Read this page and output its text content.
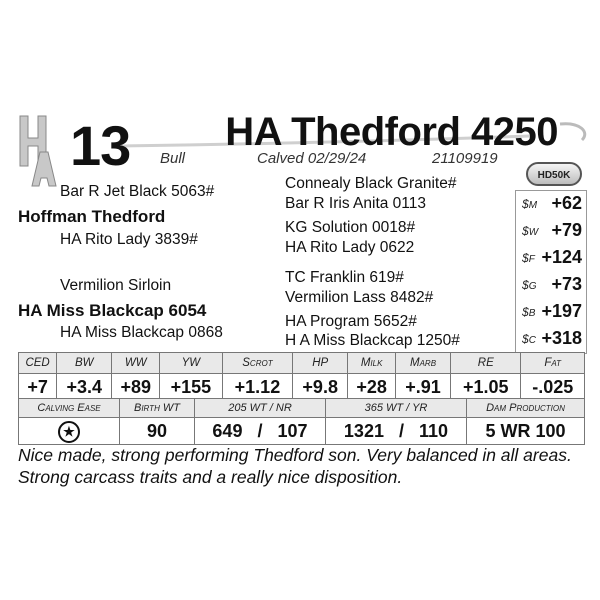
13 HA Thedford 4250
Bull	Calved 02/29/24	21109919
HD50K
Bar R Jet Black 5063#
Hoffman Thedford
HA Rito Lady 3839#
Vermilion Sirloin
HA Miss Blackcap 6054
HA Miss Blackcap 0868
Connealy Black Granite#
Bar R Iris Anita 0113
KG Solution 0018#
HA Rito Lady 0622
TC Franklin 619#
Vermilion Lass 8482#
HA Program 5652#
H A Miss Blackcap 1250#
$M +62
$W +79
$F +124
$G +73
$B +197
$C +318
CED	BW	WW	YW	Scrot	HP	Milk	Marb	RE	Fat
+7	+3.4	+89	+155	+1.12	+9.8	+28	+.91	+1.05	-.025
Calving Ease	Birth WT	205 WT / NR	365 WT / YR	Dam Production
★	90	649 / 107	1321 / 110	5 WR 100
Nice made, strong performing Thedford son. Very balanced in all areas. Strong carcass traits and a really nice disposition.
